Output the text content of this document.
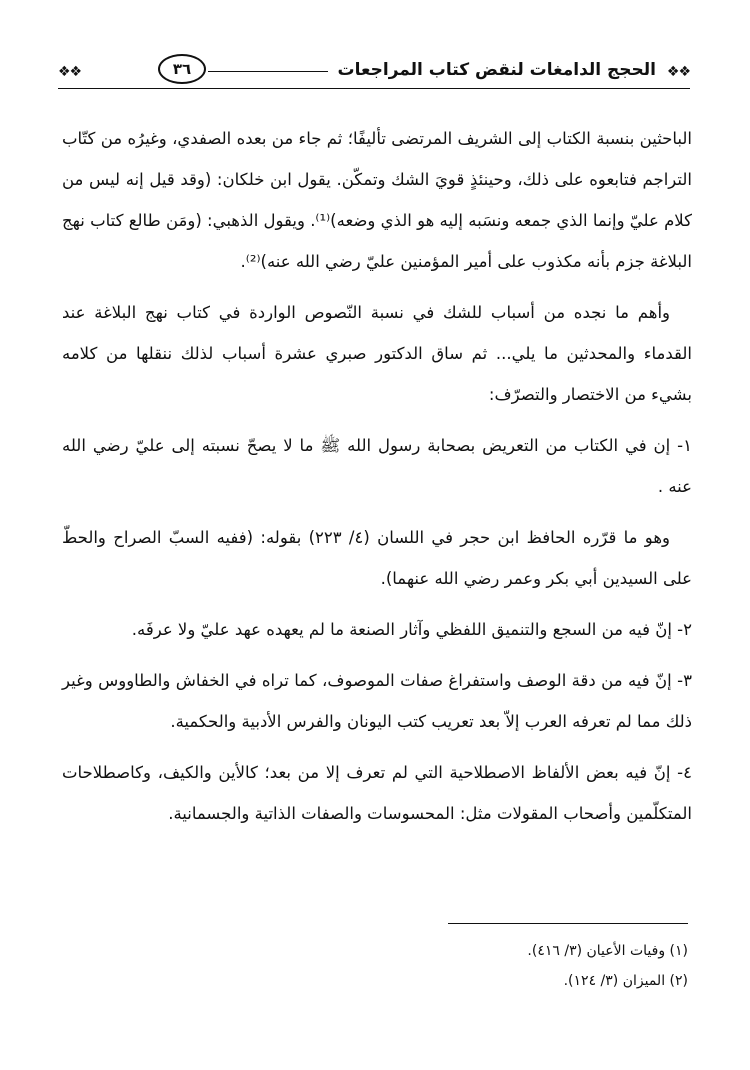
❖❖	٣٦	الحجج الدامغات لنقض كتاب المراجعات ❖❖

الباحثين بنسبة الكتاب إلى الشريف المرتضى تأليفًا؛ ثم جاء من بعده الصفدي، وغيرُه من كتّاب التراجم فتابعوه على ذلك، وحينئذٍ قويَ الشك وتمكّن. يقول ابن خلكان: (وقد قيل إنه ليس من كلام عليّ وإنما الذي جمعه ونسَبه إليه هو الذي وضعه)⁽¹⁾. ويقول الذهبي: (ومَن طالع كتاب نهج البلاغة جزم بأنه مكذوب على أمير المؤمنين عليّ رضي الله عنه)⁽²⁾.

وأهم ما نجده من أسباب للشك في نسبة النّصوص الواردة في كتاب نهج البلاغة عند القدماء والمحدثين ما يلي... ثم ساق الدكتور صبري عشرة أسباب لذلك ننقلها من كلامه بشيء من الاختصار والتصرّف:

١- إن في الكتاب من التعريض بصحابة رسول الله ﷺ ما لا يصحّ نسبته إلى عليّ رضي الله عنه .

وهو ما قرّره الحافظ ابن حجر في اللسان (٤/ ٢٢٣) بقوله: (ففيه السبّ الصراح والحطّ على السيدين أبي بكر وعمر رضي الله عنهما).

٢- إنّ فيه من السجع والتنميق اللفظي وآثار الصنعة ما لم يعهده عهد عليّ ولا عرفَه.

٣- إنّ فيه من دقة الوصف واستفراغ صفات الموصوف، كما تراه في الخفاش والطاووس وغير ذلك مما لم تعرفه العرب إلاّ بعد تعريب كتب اليونان والفرس الأدبية والحكمية.

٤- إنّ فيه بعض الألفاظ الاصطلاحية التي لم تعرف إلا من بعد؛ كالأين والكيف، وكاصطلاحات المتكلّمين وأصحاب المقولات مثل: المحسوسات والصفات الذاتية والجسمانية.

(١) وفيات الأعيان (٣/ ٤١٦).
(٢) الميزان (٣/ ١٢٤).
